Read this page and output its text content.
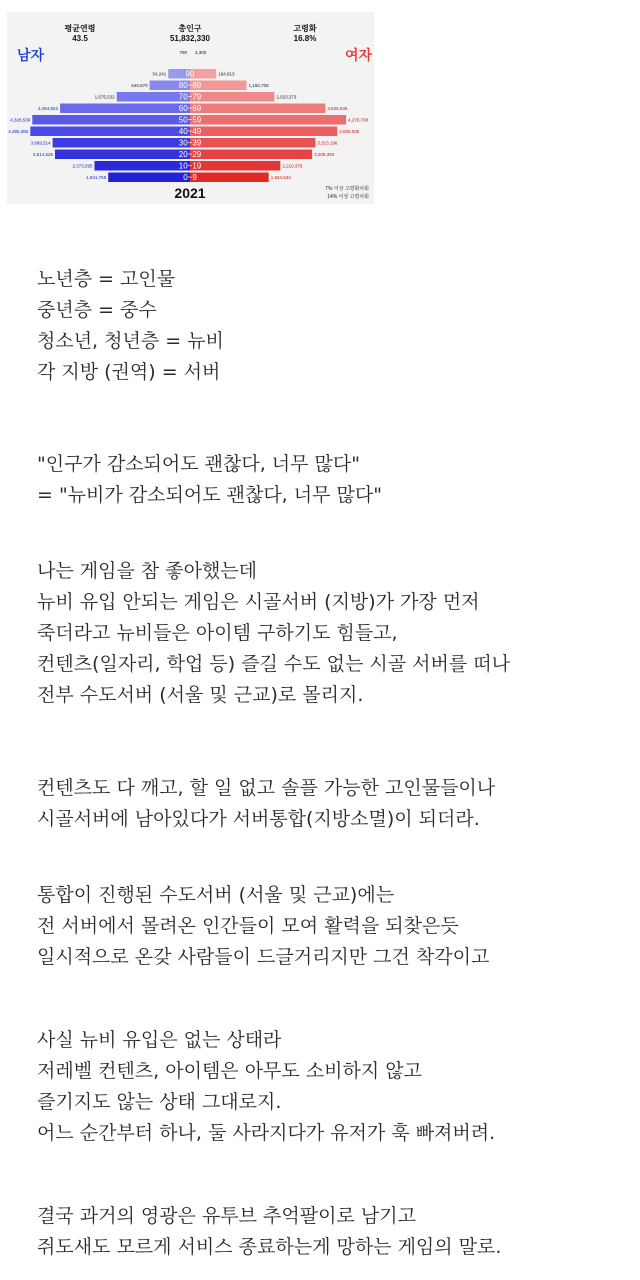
평균연령
43.5
총인구
51,832,330
고령화
16.8%
790 4,300
90
54,241	194,813
80~89
640,570	1,150,708
70~79
1,675,532	2,023,373
60~69
3,454,822	3,626,536
50~59
4,328,536	4,276,708
40~49
4,390,382	4,000,035
30~39
3,689,514	3,313,196
20~29
3,614,525	3,209,393
10~19
2,373,595	2,210,376
0~9
1,941,765	1,844,633
남자	여자
2021	7% 이상 고령화사회
14% 이상 고령사회
노년층 = 고인물
중년층 = 중수
청소년, 청년층 = 뉴비
각 지방 (권역) = 서버
"인구가 감소되어도 괜찮다, 너무 많다"
= "뉴비가 감소되어도 괜찮다, 너무 많다"
나는 게임을 참 좋아했는데
뉴비 유입 안되는 게임은 시골서버 (지방)가 가장 먼저
죽더라고 뉴비들은 아이템 구하기도 힘들고,
컨텐츠(일자리, 학업 등) 즐길 수도 없는 시골 서버를 떠나
전부 수도서버 (서울 및 근교)로 몰리지.
컨텐츠도 다 깨고, 할 일 없고 솔플 가능한 고인물들이나
시골서버에 남아있다가 서버통합(지방소멸)이 되더라.
통합이 진행된 수도서버 (서울 및 근교)에는
전 서버에서 몰려온 인간들이 모여 활력을 되찾은듯
일시적으로 온갖 사람들이 드글거리지만 그건 착각이고
사실 뉴비 유입은 없는 상태라
저레벨 컨텐츠, 아이템은 아무도 소비하지 않고
즐기지도 않는 상태 그대로지.
어느 순간부터 하나, 둘 사라지다가 유저가 훅 빠져버려.
결국 과거의 영광은 유투브 추억팔이로 남기고
쥐도새도 모르게 서비스 종료하는게 망하는 게임의 말로.
